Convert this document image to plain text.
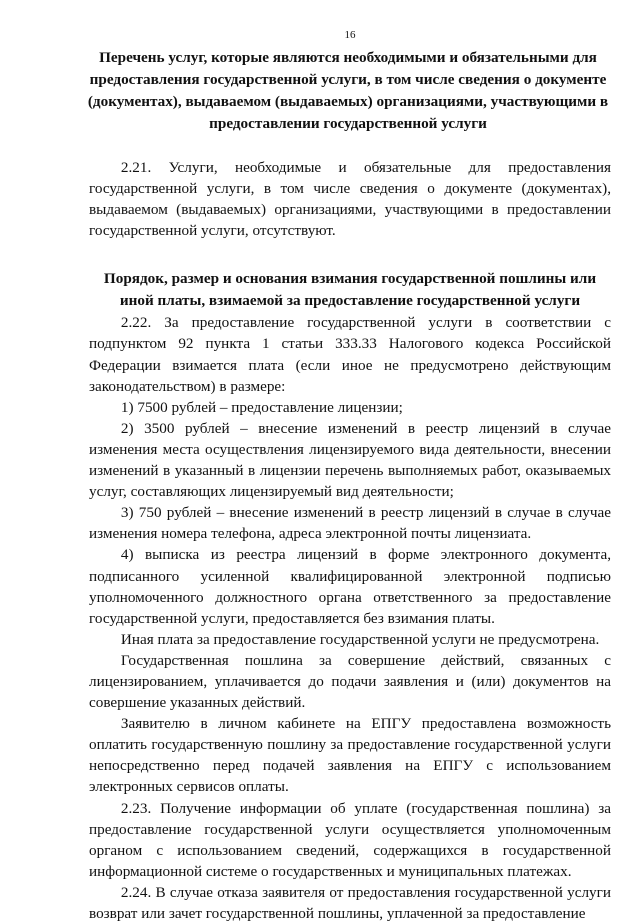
16
Перечень услуг, которые являются необходимыми и обязательными для предоставления государственной услуги, в том числе сведения о документе (документах), выдаваемом (выдаваемых) организациями, участвующими в предоставлении государственной услуги

2.21. Услуги, необходимые и обязательные для предоставления государственной услуги, в том числе сведения о документе (документах), выдаваемом (выдаваемых) организациями, участвующими в предоставлении государственной услуги, отсутствуют.

Порядок, размер и основания взимания государственной пошлины или иной платы, взимаемой за предоставление государственной услуги

2.22. За предоставление государственной услуги в соответствии с подпунктом 92 пункта 1 статьи 333.33 Налогового кодекса Российской Федерации взимается плата (если иное не предусмотрено действующим законодательством) в размере:

1) 7500 рублей – предоставление лицензии;

2) 3500 рублей – внесение изменений в реестр лицензий в случае изменения места осуществления лицензируемого вида деятельности, внесении изменений в указанный в лицензии перечень выполняемых работ, оказываемых услуг, составляющих лицензируемый вид деятельности;

3) 750 рублей – внесение изменений в реестр лицензий в случае в случае изменения номера телефона, адреса электронной почты лицензиата.

4) выписка из реестра лицензий в форме электронного документа, подписанного усиленной квалифицированной электронной подписью уполномоченного должностного органа ответственного за предоставление государственной услуги, предоставляется без взимания платы.

Иная плата за предоставление государственной услуги не предусмотрена.

Государственная пошлина за совершение действий, связанных с лицензированием, уплачивается до подачи заявления и (или) документов на совершение указанных действий.

Заявителю в личном кабинете на ЕПГУ предоставлена возможность оплатить государственную пошлину за предоставление государственной услуги непосредственно перед подачей заявления на ЕПГУ с использованием электронных сервисов оплаты.

2.23. Получение информации об уплате (государственная пошлина) за предоставление государственной услуги осуществляется уполномоченным органом с использованием сведений, содержащихся в государственной информационной системе о государственных и муниципальных платежах.

2.24. В случае отказа заявителя от предоставления государственной услуги возврат или зачет государственной пошлины, уплаченной за предоставление
